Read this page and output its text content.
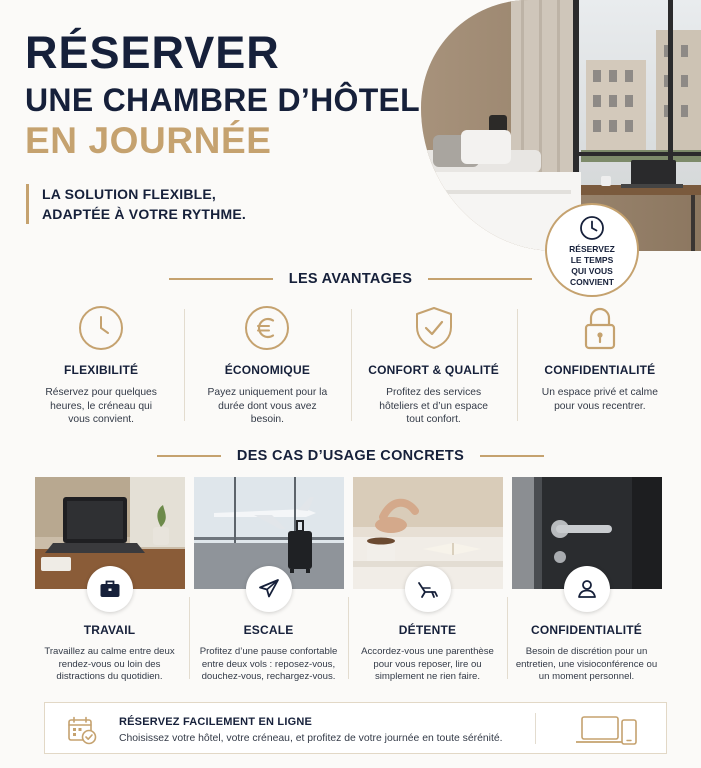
RÉSERVER
UNE CHAMBRE D’HÔTEL
EN JOURNÉE
LA SOLUTION FLEXIBLE,
ADAPTÉE À VOTRE RYTHME.
RÉSERVEZ
LE TEMPS
QUI VOUS
CONVIENT
LES AVANTAGES
FLEXIBILITÉ
Réservez pour quelques heures, le créneau qui vous convient.
ÉCONOMIQUE
Payez uniquement pour la durée dont vous avez besoin.
CONFORT & QUALITÉ
Profitez des services hôteliers et d’un espace tout confort.
CONFIDENTIALITÉ
Un espace privé et calme pour vous recentrer.
DES CAS D’USAGE CONCRETS
TRAVAIL
Travaillez au calme entre deux rendez-vous ou loin des distractions du quotidien.
ESCALE
Profitez d’une pause confortable entre deux vols : reposez-vous, douchez-vous, rechargez-vous.
DÉTENTE
Accordez-vous une parenthèse pour vous reposer, lire ou simplement ne rien faire.
CONFIDENTIALITÉ
Besoin de discrétion pour un entretien, une visioconférence ou un moment personnel.
RÉSERVEZ FACILEMENT EN LIGNE
Choisissez votre hôtel, votre créneau, et profitez de votre journée en toute sérénité.
